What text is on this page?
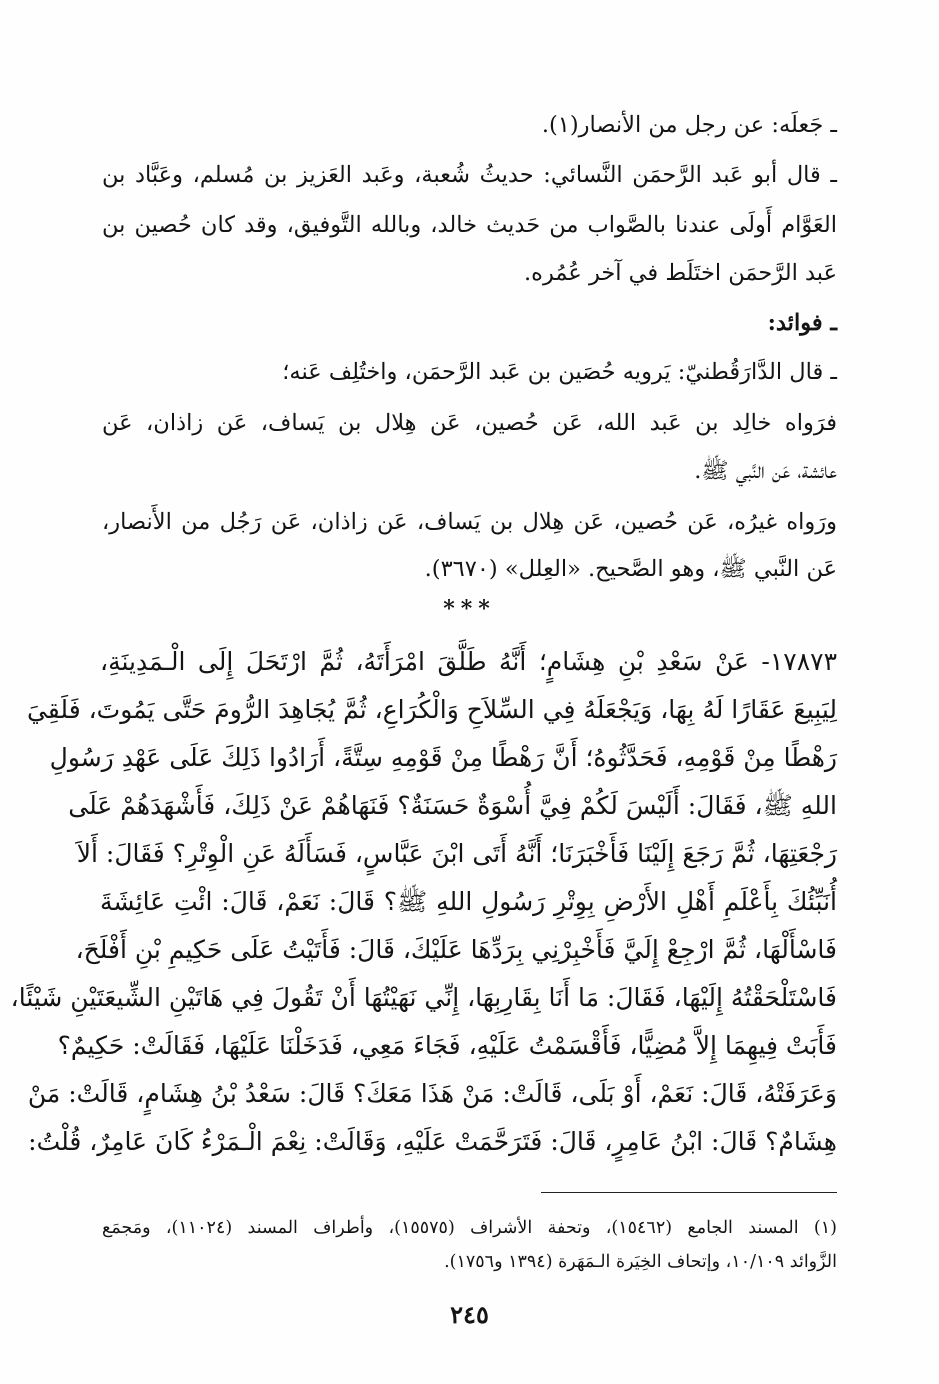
ـ جَعلَه: عن رجل من الأنصار(١).
ـ قال أبو عَبد الرَّحمَن النَّسائي: حديثُ شُعبة، وعَبد العَزيز بن مُسلم، وعَبَّاد بن
العَوَّام أَولَى عندنا بالصَّواب من حَديث خالد، وبالله التَّوفيق، وقد كان حُصين بن
عَبد الرَّحمَن اختَلَط في آخر عُمُره.
ـ فوائد:
ـ قال الدَّارَقُطنيّ: يَرويه حُصَين بن عَبد الرَّحمَن، واختُلِف عَنه؛
فرَواه خالِد بن عَبد الله، عَن حُصين، عَن هِلال بن يَساف، عَن زاذان، عَن
عائشة، عَن النَّبي ﷺ.
ورَواه غيرُه، عَن حُصين، عَن هِلال بن يَساف، عَن زاذان، عَن رَجُل من الأَنصار،
عَن النَّبي ﷺ، وهو الصَّحيح. «العِلل» (٣٦٧٠).
***
١٧٨٧٣- عَنْ سَعْدِ بْنِ هِشَامٍ؛ أَنَّهُ طَلَّقَ امْرَأَتَهُ، ثُمَّ ارْتَحَلَ إِلَى الْـمَدِينَةِ،
لِيَبِيعَ عَقَارًا لَهُ بِهَا، وَيَجْعَلَهُ فِي السِّلاَحِ وَالْكُرَاعِ، ثُمَّ يُجَاهِدَ الرُّومَ حَتَّى يَمُوتَ، فَلَقِيَ
رَهْطًا مِنْ قَوْمِهِ، فَحَدَّثُوهُ؛ أَنَّ رَهْطًا مِنْ قَوْمِهِ سِتَّةً، أَرَادُوا ذَلِكَ عَلَى عَهْدِ رَسُولِ
اللهِ ﷺ، فَقَالَ: أَلَيْسَ لَكُمْ فِيَّ أُسْوَةٌ حَسَنَةٌ؟ فَنَهَاهُمْ عَنْ ذَلِكَ، فَأَشْهَدَهُمْ عَلَى
رَجْعَتِهَا، ثُمَّ رَجَعَ إِلَيْنَا فَأَخْبَرَنَا؛ أَنَّهُ أَتَى ابْنَ عَبَّاسٍ، فَسَأَلَهُ عَنِ الْوِتْرِ؟ فَقَالَ: أَلاَ
أُنَبِّئُكَ بِأَعْلَمِ أَهْلِ الأَرْضِ بِوِتْرِ رَسُولِ اللهِ ﷺ؟ قَالَ: نَعَمْ، قَالَ: ائْتِ عَائِشَةَ
فَاسْأَلْهَا، ثُمَّ ارْجِعْ إِلَيَّ فَأَخْبِرْنِي بِرَدِّهَا عَلَيْكَ، قَالَ: فَأَتَيْتُ عَلَى حَكِيمِ بْنِ أَفْلَحَ،
فَاسْتَلْحَقْتُهُ إِلَيْهَا، فَقَالَ: مَا أَنَا بِقَارِبِهَا، إِنِّي نَهَيْتُهَا أَنْ تَقُولَ فِي هَاتَيْنِ الشِّيعَتَيْنِ شَيْئًا،
فَأَبَتْ فِيهِمَا إِلاَّ مُضِيًّا، فَأَقْسَمْتُ عَلَيْهِ، فَجَاءَ مَعِي، فَدَخَلْنَا عَلَيْهَا، فَقَالَتْ: حَكِيمٌ؟
وَعَرَفَتْهُ، قَالَ: نَعَمْ، أَوْ بَلَى، قَالَتْ: مَنْ هَذَا مَعَكَ؟ قَالَ: سَعْدُ بْنُ هِشَامٍ، قَالَتْ: مَنْ
هِشَامٌ؟ قَالَ: ابْنُ عَامِرٍ، قَالَ: فَتَرَحَّمَتْ عَلَيْهِ، وَقَالَتْ: نِعْمَ الْـمَرْءُ كَانَ عَامِرٌ، قُلْتُ:
(١) المسند الجامع (١٥٤٦٢)، وتحفة الأشراف (١٥٥٧٥)، وأطراف المسند (١١٠٢٤)، ومَجمَع
الزَّوائد ١٠/١٠٩، وإتحاف الخِيَرة الـمَهَرة (١٣٩٤ و١٧٥٦).
٢٤٥
